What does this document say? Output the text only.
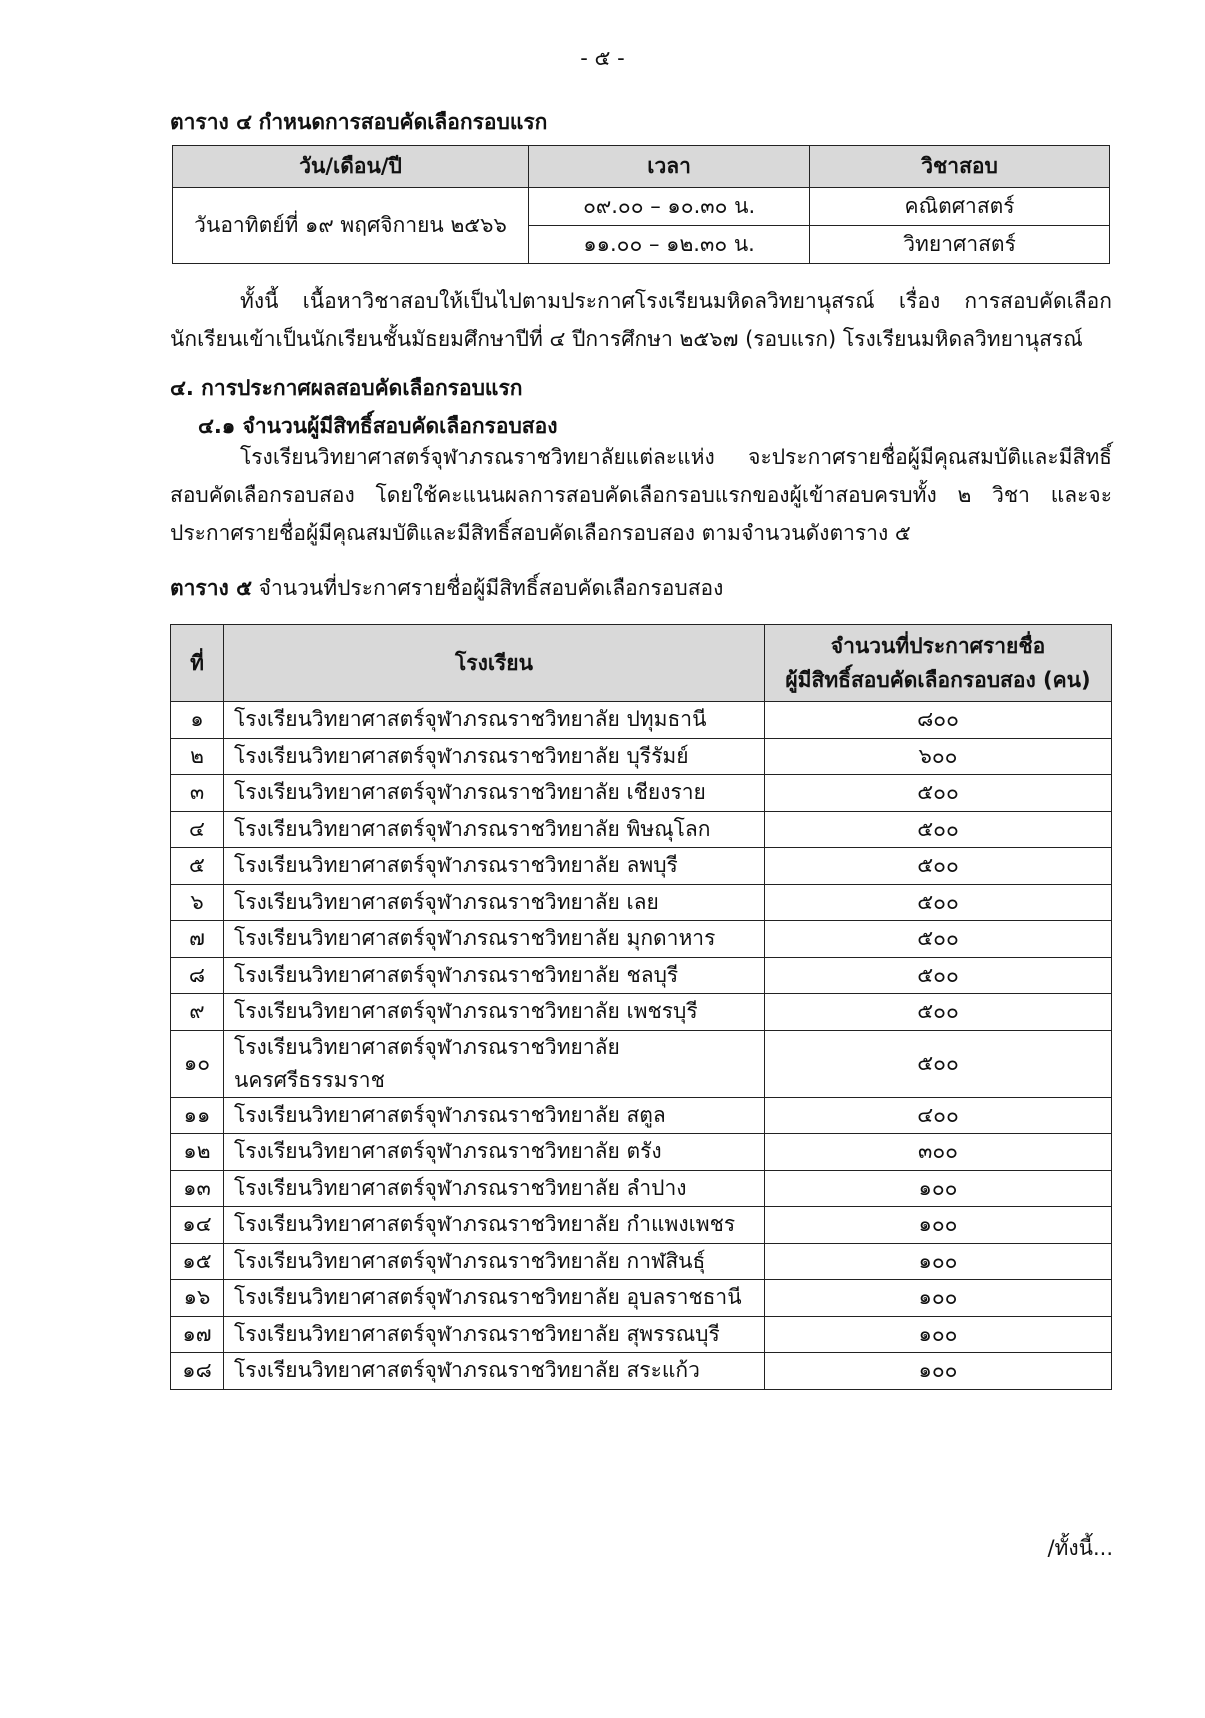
- ๕ -
ตาราง ๔ กำหนดการสอบคัดเลือกรอบแรก
วัน/เดือน/ปี	เวลา	วิชาสอบ
วันอาทิตย์ที่ ๑๙ พฤศจิกายน ๒๕๖๖	๐๙.๐๐ – ๑๐.๓๐ น.	คณิตศาสตร์
	๑๑.๐๐ – ๑๒.๓๐ น.	วิทยาศาสตร์
ทั้งนี้ เนื้อหาวิชาสอบให้เป็นไปตามประกาศโรงเรียนมหิดลวิทยานุสรณ์ เรื่อง การสอบคัดเลือกนักเรียนเข้าเป็นนักเรียนชั้นมัธยมศึกษาปีที่ ๔ ปีการศึกษา ๒๕๖๗ (รอบแรก) โรงเรียนมหิดลวิทยานุสรณ์
๔. การประกาศผลสอบคัดเลือกรอบแรก
๔.๑ จำนวนผู้มีสิทธิ์สอบคัดเลือกรอบสอง
โรงเรียนวิทยาศาสตร์จุฬาภรณราชวิทยาลัยแต่ละแห่ง จะประกาศรายชื่อผู้มีคุณสมบัติและมีสิทธิ์สอบคัดเลือกรอบสอง โดยใช้คะแนนผลการสอบคัดเลือกรอบแรกของผู้เข้าสอบครบทั้ง ๒ วิชา และจะประกาศรายชื่อผู้มีคุณสมบัติและมีสิทธิ์สอบคัดเลือกรอบสอง ตามจำนวนดังตาราง ๕
ตาราง ๕ จำนวนที่ประกาศรายชื่อผู้มีสิทธิ์สอบคัดเลือกรอบสอง
ที่	โรงเรียน	จำนวนที่ประกาศรายชื่อ
ผู้มีสิทธิ์สอบคัดเลือกรอบสอง (คน)

๑	โรงเรียนวิทยาศาสตร์จุฬาภรณราชวิทยาลัย ปทุมธานี	๘๐๐
๒	โรงเรียนวิทยาศาสตร์จุฬาภรณราชวิทยาลัย บุรีรัมย์	๖๐๐
๓	โรงเรียนวิทยาศาสตร์จุฬาภรณราชวิทยาลัย เชียงราย	๕๐๐
๔	โรงเรียนวิทยาศาสตร์จุฬาภรณราชวิทยาลัย พิษณุโลก	๕๐๐
๕	โรงเรียนวิทยาศาสตร์จุฬาภรณราชวิทยาลัย ลพบุรี	๕๐๐
๖	โรงเรียนวิทยาศาสตร์จุฬาภรณราชวิทยาลัย เลย	๕๐๐
๗	โรงเรียนวิทยาศาสตร์จุฬาภรณราชวิทยาลัย มุกดาหาร	๕๐๐
๘	โรงเรียนวิทยาศาสตร์จุฬาภรณราชวิทยาลัย ชลบุรี	๕๐๐
๙	โรงเรียนวิทยาศาสตร์จุฬาภรณราชวิทยาลัย เพชรบุรี	๕๐๐
๑๐	โรงเรียนวิทยาศาสตร์จุฬาภรณราชวิทยาลัย นครศรีธรรมราช	๕๐๐
๑๑	โรงเรียนวิทยาศาสตร์จุฬาภรณราชวิทยาลัย สตูล	๔๐๐
๑๒	โรงเรียนวิทยาศาสตร์จุฬาภรณราชวิทยาลัย ตรัง	๓๐๐
๑๓	โรงเรียนวิทยาศาสตร์จุฬาภรณราชวิทยาลัย ลำปาง	๑๐๐
๑๔	โรงเรียนวิทยาศาสตร์จุฬาภรณราชวิทยาลัย กำแพงเพชร	๑๐๐
๑๕	โรงเรียนวิทยาศาสตร์จุฬาภรณราชวิทยาลัย กาฬสินธุ์	๑๐๐
๑๖	โรงเรียนวิทยาศาสตร์จุฬาภรณราชวิทยาลัย อุบลราชธานี	๑๐๐
๑๗	โรงเรียนวิทยาศาสตร์จุฬาภรณราชวิทยาลัย สุพรรณบุรี	๑๐๐
๑๘	โรงเรียนวิทยาศาสตร์จุฬาภรณราชวิทยาลัย สระแก้ว	๑๐๐
/ทั้งนี้...
